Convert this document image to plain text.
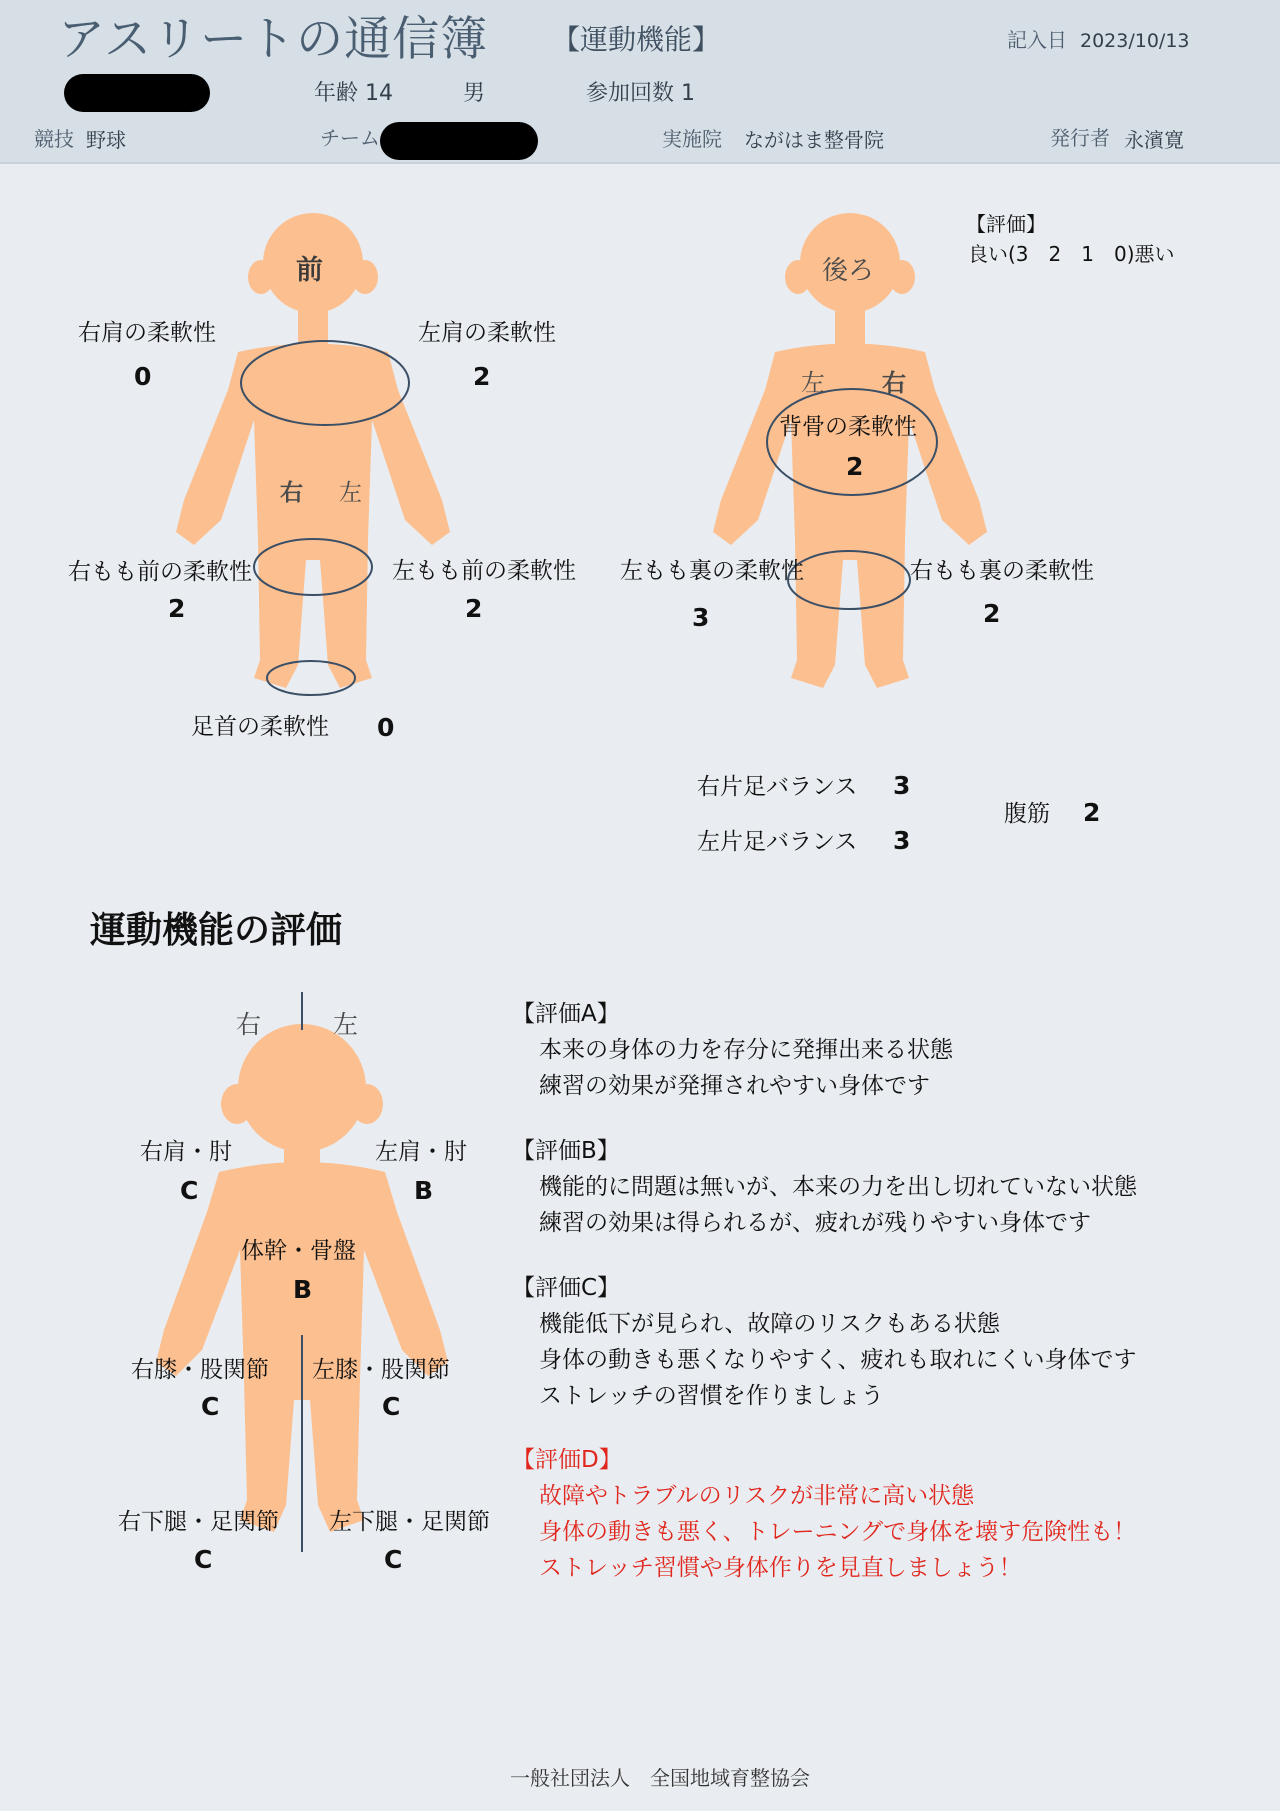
アスリートの通信簿 【運動機能】	記入日 2023/10/13
年齢 14	男	参加回数 1
競技 野球	チーム	実施院 ながはま整骨院	発行者 永濱寛
前
右 左
右肩の柔軟性
0
左肩の柔軟性
2
右もも前の柔軟性
2
左もも前の柔軟性
2
足首の柔軟性 0
後ろ
左 右
背骨の柔軟性
2
左もも裏の柔軟性
3
右もも裏の柔軟性
2
【評価】
良い(3　2　1　0)悪い
右片足バランス 3
左片足バランス 3
腹筋 2
運動機能の評価
右	左
右肩・肘
C
左肩・肘
B
体幹・骨盤
B
右膝・股関節
C
左膝・股関節
C
右下腿・足関節
C
左下腿・足関節
C
【評価A】
本来の身体の力を存分に発揮出来る状態
練習の効果が発揮されやすい身体です
【評価B】
機能的に問題は無いが、本来の力を出し切れていない状態
練習の効果は得られるが、疲れが残りやすい身体です
【評価C】
機能低下が見られ、故障のリスクもある状態
身体の動きも悪くなりやすく、疲れも取れにくい身体です
ストレッチの習慣を作りましょう
【評価D】
故障やトラブルのリスクが非常に高い状態
身体の動きも悪く、トレーニングで身体を壊す危険性も！
ストレッチ習慣や身体作りを見直しましょう！
一般社団法人　全国地域育整協会
